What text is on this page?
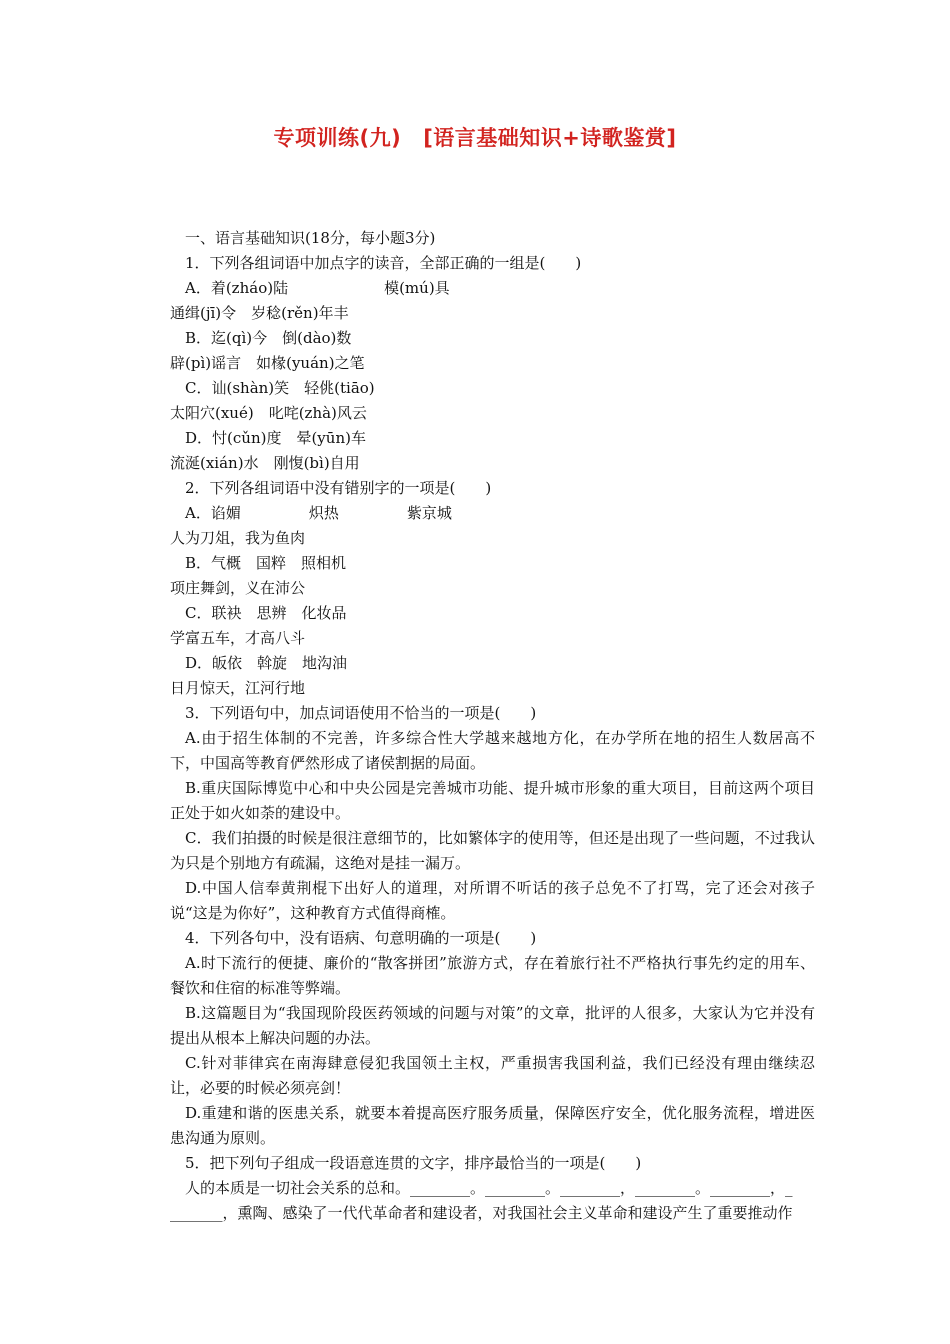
专项训练(九) [语言基础知识+诗歌鉴赏]

一、语言基础知识(18分，每小题3分)

1．下列各组词语中加点字的读音，全部正确的一组是(　　)

A．着(zháo)陆	模(mú)具

通缉(jī)令　岁稔(rěn)年丰

B．迄(qì)今　倒(dào)数

辟(pì)谣言　如椽(yuán)之笔

C．讪(shàn)笑　轻佻(tiāo)

太阳穴(xué)　叱咤(zhà)风云

D．忖(cǔn)度　晕(yūn)车

流涎(xián)水　刚愎(bì)自用

2．下列各组词语中没有错别字的一项是(　　)

A．谄媚	炽热	紫京城

人为刀俎，我为鱼肉

B．气概　国粹　照相机

项庄舞剑，义在沛公

C．联袂　思辨　化妆品

学富五车，才高八斗

D．皈依　斡旋　地沟油

日月惊天，江河行地

3．下列语句中，加点词语使用不恰当的一项是(　　)

A.由于招生体制的不完善，许多综合性大学越来越地方化，在办学所在地的招生人数居高不下，中国高等教育俨然形成了诸侯割据的局面。

B.重庆国际博览中心和中央公园是完善城市功能、提升城市形象的重大项目，目前这两个项目正处于如火如荼的建设中。

C．我们拍摄的时候是很注意细节的，比如繁体字的使用等，但还是出现了一些问题，不过我认为只是个别地方有疏漏，这绝对是挂一漏万。

D.中国人信奉黄荆棍下出好人的道理，对所谓不听话的孩子总免不了打骂，完了还会对孩子说“这是为你好”，这种教育方式值得商榷。

4．下列各句中，没有语病、句意明确的一项是(　　)

A.时下流行的便捷、廉价的“散客拼团”旅游方式，存在着旅行社不严格执行事先约定的用车、餐饮和住宿的标准等弊端。

B.这篇题目为“我国现阶段医药领域的问题与对策”的文章，批评的人很多，大家认为它并没有提出从根本上解决问题的办法。

C.针对菲律宾在南海肆意侵犯我国领土主权，严重损害我国利益，我们已经没有理由继续忍让，必要的时候必须亮剑！

D.重建和谐的医患关系，就要本着提高医疗服务质量，保障医疗安全，优化服务流程，增进医患沟通为原则。

5．把下列句子组成一段语意连贯的文字，排序最恰当的一项是(　　)

人的本质是一切社会关系的总和。________。________。________，________。________，_

_______，熏陶、感染了一代代革命者和建设者，对我国社会主义革命和建设产生了重要推动作
